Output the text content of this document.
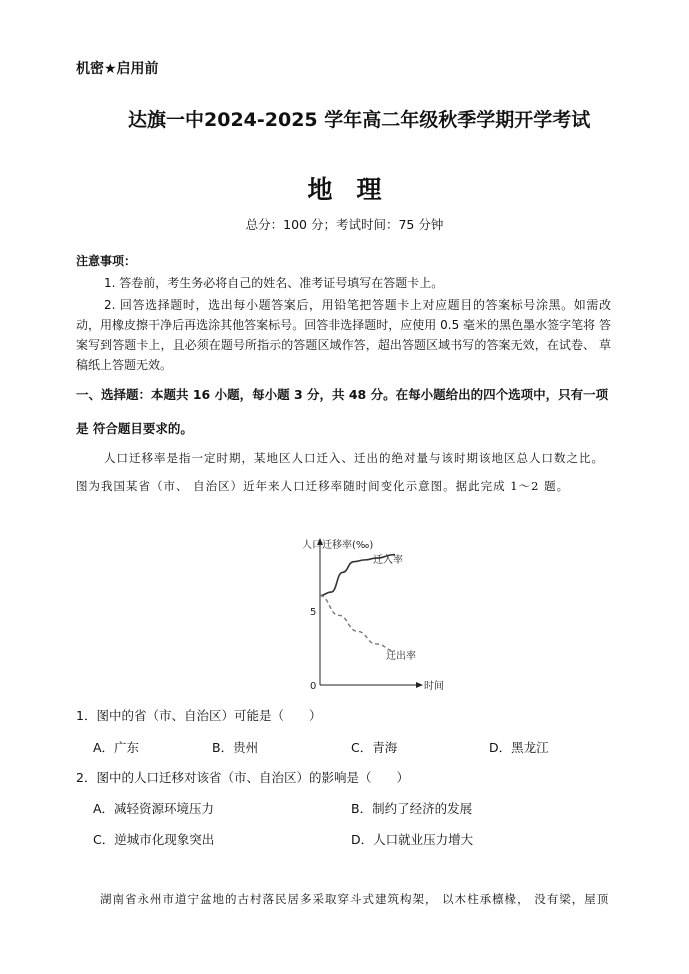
机密★启用前
达旗一中2024-2025 学年高二年级秋季学期开学考试
地理
总分：100 分；考试时间：75 分钟
注意事项：
1. 答卷前，考生务必将自己的姓名、准考证号填写在答题卡上。
2. 回答选择题时，选出每小题答案后，用铅笔把答题卡上对应题目的答案标号涂黑。如需改 动，用橡皮擦干净后再选涂其他答案标号。回答非选择题时，应使用 0.5 毫米的黑色墨水签字笔将 答案写到答题卡上，且必须在题号所指示的答题区域作答，超出答题区域书写的答案无效，在试卷、 草稿纸上答题无效。
一、选择题：本题共 16 小题，每小题 3 分，共 48 分。在每小题给出的四个选项中，只有一项是 符合题目要求的。
人口迁移率是指一定时期，某地区人口迁入、迁出的绝对量与该时期该地区总人口数之比。 图为我国某省（市、 自治区）近年来人口迁移率随时间变化示意图。据此完成 1～2 题。
人口迁移率(‰)
时间
0
5
迁入率
迁出率
1．图中的省（市、自治区）可能是（　　）
A．广东	B．贵州	C．青海	D．黑龙江
2．图中的人口迁移对该省（市、自治区）的影响是（　　）
A．减轻资源环境压力	B．制约了经济的发展
C．逆城市化现象突出	D．人口就业压力增大
湖南省永州市道宁盆地的古村落民居多采取穿斗式建筑构架， 以木柱承檩椽， 没有梁，屋顶
